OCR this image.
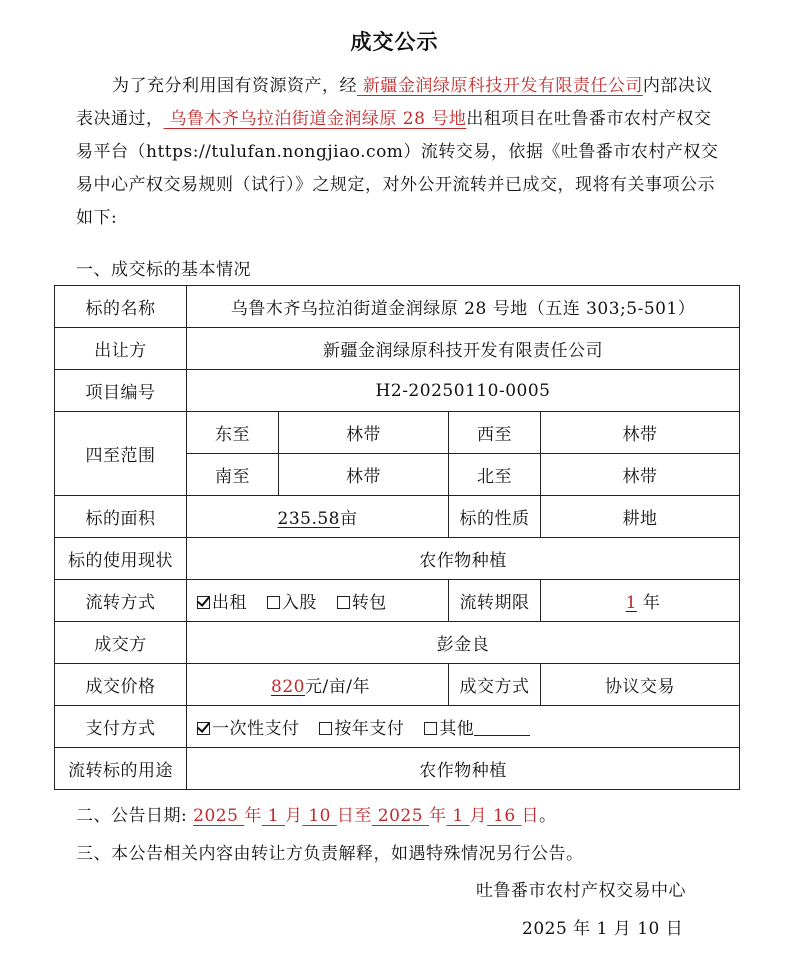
成交公示

为了充分利用国有资源资产，经 新疆金润绿原科技开发有限责任公司内部决议表决通过， 乌鲁木齐乌拉泊街道金润绿原 28 号地出租项目在吐鲁番市农村产权交易平台（https://tulufan.nongjiao.com）流转交易，依据《吐鲁番市农村产权交易中心产权交易规则（试行）》之规定，对外公开流转并已成交，现将有关事项公示如下:

一、成交标的基本情况
标的名称	乌鲁木齐乌拉泊街道金润绿原 28 号地（五连 303;5-501）			
出让方	新疆金润绿原科技开发有限责任公司			
项目编号	H2-20250110-0005			
四至范围	东至	林带	西至	林带
	南至	林带	北至	林带
标的面积	235.58亩		标的性质	耕地
标的使用现状	农作物种植			
流转方式	出租 入股 转包		流转期限	1 年
成交方	彭金良			
成交价格	820元/亩/年		成交方式	协议交易
支付方式	一次性支付 按年支付 其他			
流转标的用途	农作物种植			
二、公告日期: 2025 年 1 月 10 日至 2025 年 1 月 16 日。
三、本公告相关内容由转让方负责解释，如遇特殊情况另行公告。
吐鲁番市农村产权交易中心
2025 年 1 月 10 日
